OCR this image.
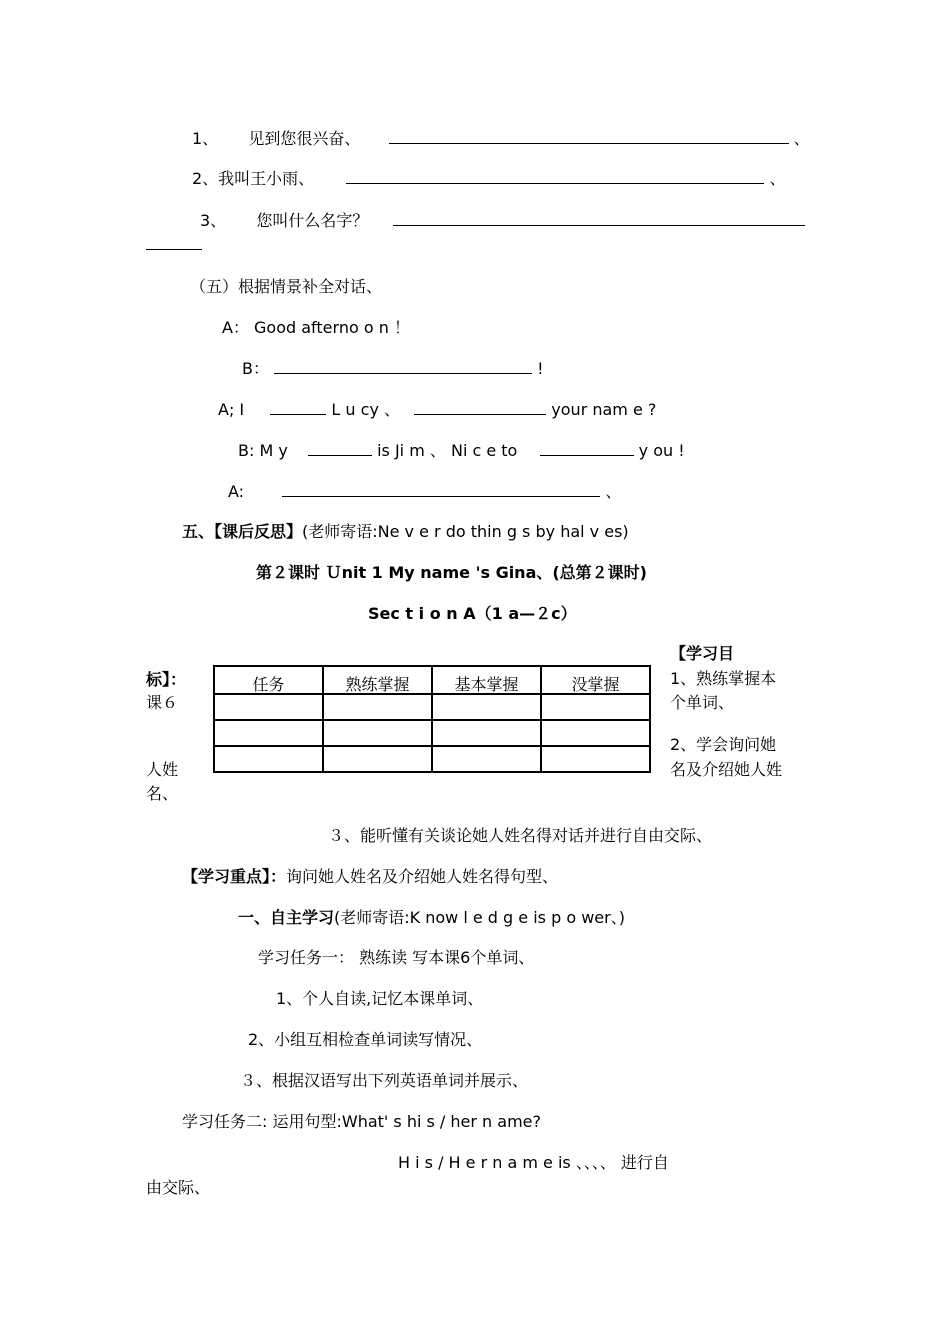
1、 见到您很兴奋、	、
2、我叫王小雨、	、
3、 您叫什么名字？
（五）根据情景补全对话、
A： Good afterno o n ！
B：	!
A; I	L u cy 、	your nam e ?
B: M y	is Ji m 、 Ni c e to	y ou !
A:	、
五、【课后反思】(老师寄语:Ne v e r do thin g s by hal v es)
第２课时 Ｕnit 1 My name 's Gina、(总第２课时)
Sec t i o n A（1 a—２c）
【学习目
标】：	1、熟练掌握本
课６	个单词、
2、学会询问她
人姓	名及介绍她人姓
名、
任务	熟练掌握	基本掌握	没掌握

３、能听懂有关谈论她人姓名得对话并进行自由交际、
【学习重点】：询问她人姓名及介绍她人姓名得句型、
一、自主学习(老师寄语:K now l e d g e is p o wer、)
学习任务一： 熟练读 写本课6个单词、
1、个人自读,记忆本课单词、
2、小组互相检查单词读写情况、
３、根据汉语写出下列英语单词并展示、
学习任务二: 运用句型:What' s hi s / her n ame?
H i s / H e r n a m e is 、、、、 进行自
由交际、
